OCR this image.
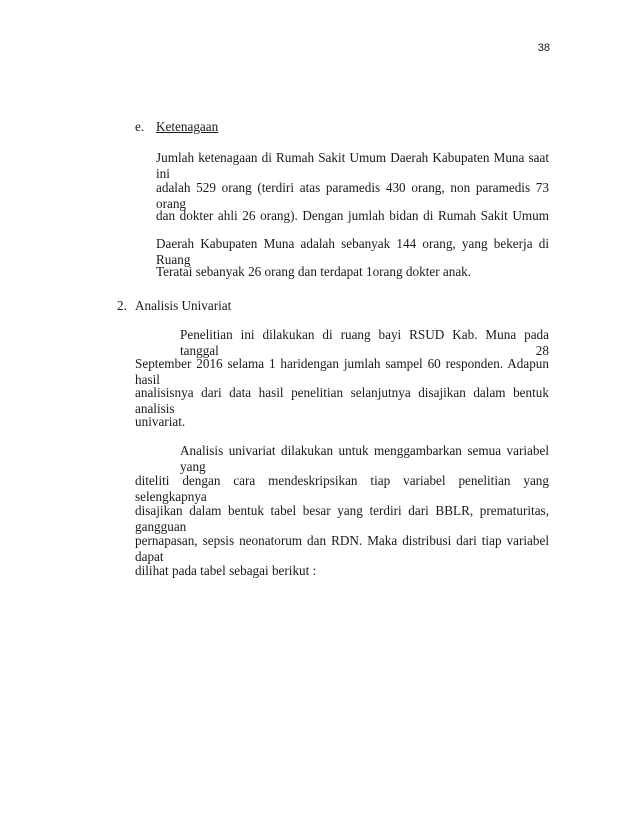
38
e. Ketenagaan
Jumlah ketenagaan di Rumah Sakit Umum Daerah Kabupaten Muna saat ini
adalah 529 orang (terdiri atas paramedis 430 orang, non paramedis 73 orang
dan dokter ahli 26 orang). Dengan jumlah bidan di Rumah Sakit Umum
Daerah Kabupaten Muna adalah sebanyak 144 orang, yang bekerja di Ruang
Teratai sebanyak 26 orang dan terdapat 1orang dokter anak.
2. Analisis Univariat
Penelitian ini dilakukan di ruang bayi RSUD Kab. Muna pada tanggal 28
September 2016 selama 1 haridengan jumlah sampel 60 responden. Adapun hasil
analisisnya dari data hasil penelitian selanjutnya disajikan dalam bentuk analisis
univariat.
Analisis univariat dilakukan untuk menggambarkan semua variabel yang
diteliti dengan cara mendeskripsikan tiap variabel penelitian yang selengkapnya
disajikan dalam bentuk tabel besar yang terdiri dari BBLR, prematuritas, gangguan
pernapasan, sepsis neonatorum dan RDN. Maka distribusi dari tiap variabel dapat
dilihat pada tabel sebagai berikut :
